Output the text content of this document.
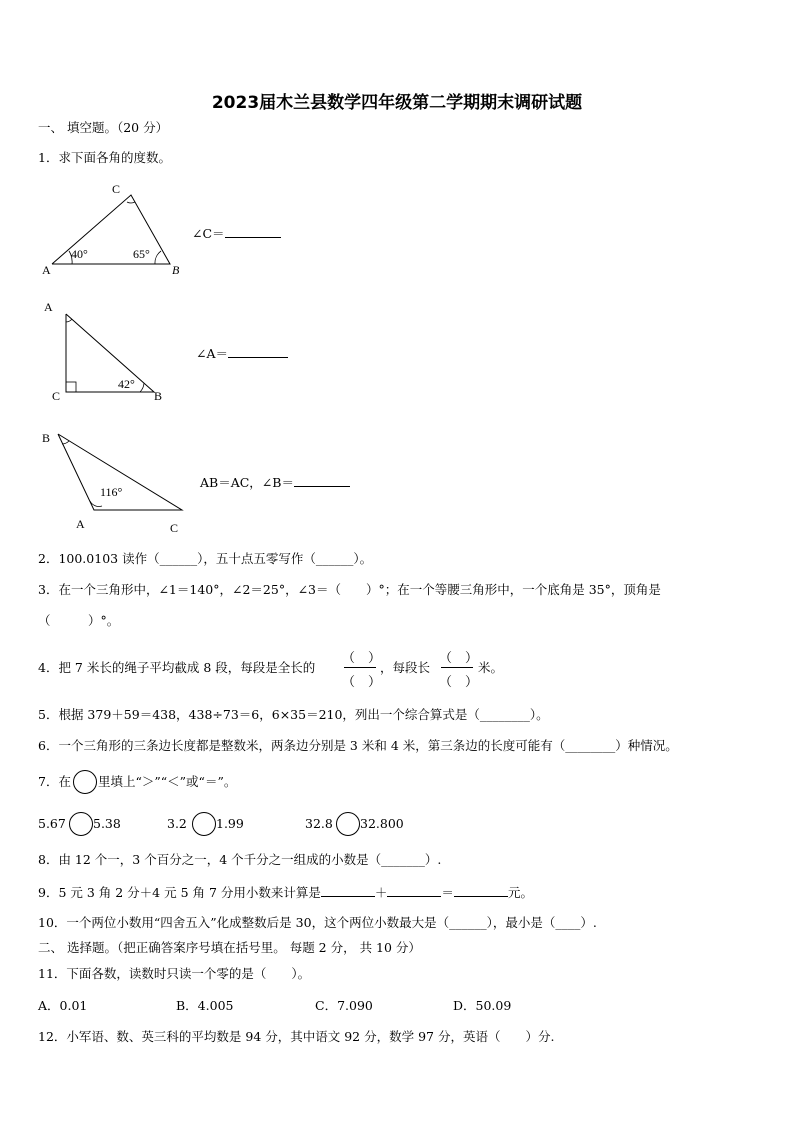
2023届木兰县数学四年级第二学期期末调研试题
一、 填空题。（20 分）
1．求下面各角的度数。
A	B
C
40°	65°
∠C＝
A
B
C
42°
∠A＝
B
A	C
116°
AB＝AC，∠B＝
2．100.0103 读作（______），五十点五零写作（______）。
3．在一个三角形中，∠1＝140°，∠2＝25°，∠3＝（　　）°；在一个等腰三角形中，一个底角是 35°，顶角是
（　　　）°。
4．把 7 米长的绳子平均截成 8 段，每段是全长的
（　）
（　）
，每段长
（　）
（　）
米。
5．根据 379＋59＝438，438÷73＝6，6×35＝210，列出一个综合算式是（________）。
6．一个三角形的三条边长度都是整数米，两条边分别是 3 米和 4 米，第三条边的长度可能有（________）种情况。
7．在 里填上“＞”“＜”或“＝”。
5.67 5.38	3.2 1.99	32.8 32.800
8．由 12 个一，3 个百分之一，4 个千分之一组成的小数是（_______）.
9．5 元 3 角 2 分＋4 元 5 角 7 分用小数来计算是	＋	＝	元。
10．一个两位小数用“四舍五入”化成整数后是 30，这个两位小数最大是（______），最小是（____）.
二、 选择题。（把正确答案序号填在括号里。 每题 2 分， 共 10 分）
11．下面各数，读数时只读一个零的是（　　）。
A．0.01	B．4.005	C．7.090	D．50.09
12．小军语、数、英三科的平均数是 94 分，其中语文 92 分，数学 97 分，英语（　　）分.
